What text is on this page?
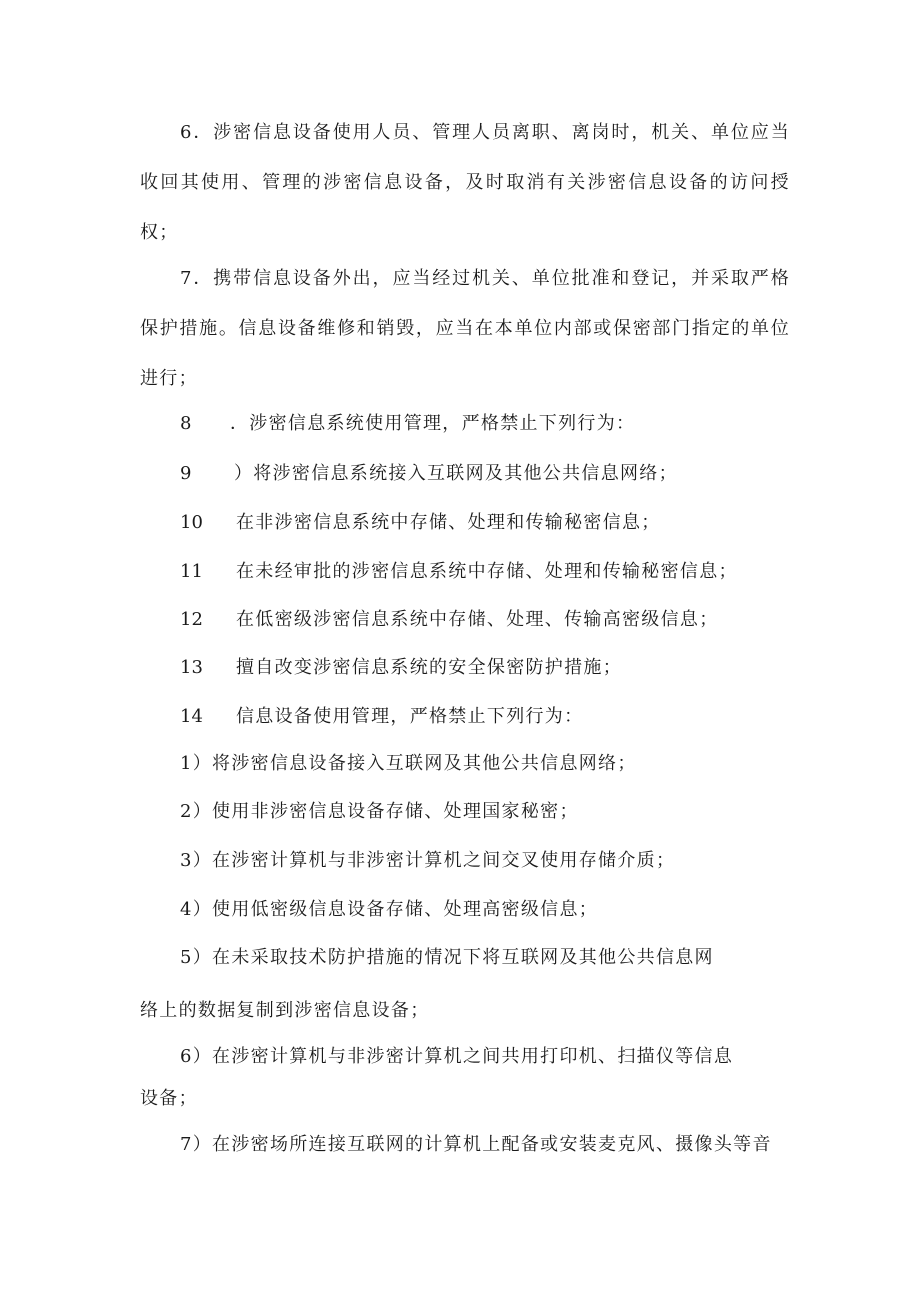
6．涉密信息设备使用人员、管理人员离职、离岗时，机关、单位应当收回其使用、管理的涉密信息设备，及时取消有关涉密信息设备的访问授权；

7．携带信息设备外出，应当经过机关、单位批准和登记，并采取严格保护措施。信息设备维修和销毁，应当在本单位内部或保密部门指定的单位进行；

8 ．涉密信息系统使用管理，严格禁止下列行为：
9 ）将涉密信息系统接入互联网及其他公共信息网络；
10 在非涉密信息系统中存储、处理和传输秘密信息；
11 在未经审批的涉密信息系统中存储、处理和传输秘密信息；
12 在低密级涉密信息系统中存储、处理、传输高密级信息；
13 擅自改变涉密信息系统的安全保密防护措施；
14 信息设备使用管理，严格禁止下列行为：
1）将涉密信息设备接入互联网及其他公共信息网络；
2）使用非涉密信息设备存储、处理国家秘密；
3）在涉密计算机与非涉密计算机之间交叉使用存储介质；
4）使用低密级信息设备存储、处理高密级信息；
5）在未采取技术防护措施的情况下将互联网及其他公共信息网
络上的数据复制到涉密信息设备；
6）在涉密计算机与非涉密计算机之间共用打印机、扫描仪等信息
设备；
7）在涉密场所连接互联网的计算机上配备或安装麦克风、摄像头等音
